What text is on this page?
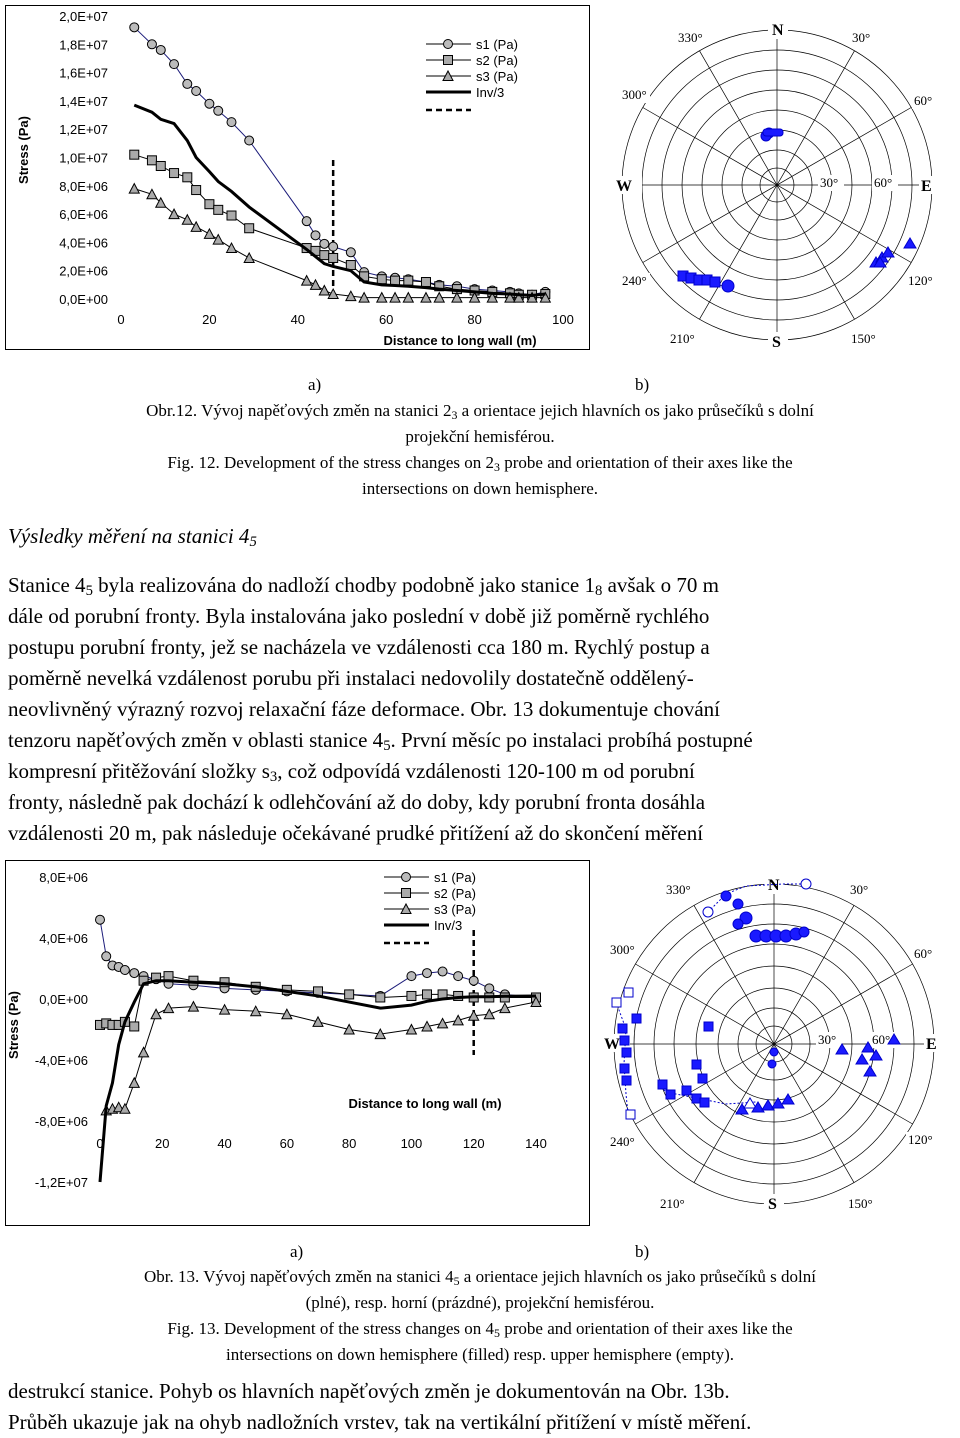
2,0E+07
1,8E+07
1,6E+07
1,4E+07
1,2E+07
1,0E+07
8,0E+06
6,0E+06
4,0E+06
2,0E+06
0,0E+00
0	20	40	60	80	100
Distance to long wall (m)
Stress (Pa)
s1 (Pa)
s2 (Pa)
s3 (Pa)
Inv/3
N
S
W	E
330°	30°
300°	60°
240°	120°
210°	150°
30°	60°
a)	b)
Obr.12. Vývoj napěťových změn na stanici $2_3$ a orientace jejich hlavních os jako průsečíků s dolní
projekční hemisférou.
Fig. 12. Development of the stress changes on $2_3$ probe and orientation of their axes like the
intersections on down hemisphere.
Výsledky měření na stanici $4_5$
Stanice $4_5$ byla realizována do nadloží chodby podobně jako stanice $1_8$ avšak o 70 m
dále od porubní fronty. Byla instalována jako poslední v době již poměrně rychlého
postupu porubní fronty, jež se nacházela ve vzdálenosti cca 180 m. Rychlý postup a
poměrně nevelká vzdálenost porubu při instalaci nedovolily dostatečně oddělený-
neovlivněný výrazný rozvoj relaxační fáze deformace. Obr. 13 dokumentuje chování
tenzoru napěťových změn v oblasti stanice $4_5$. První měsíc po instalaci probíhá postupné
kompresní přitěžování složky $s_3$, což odpovídá vzdálenosti 120-100 m od porubní
fronty, následně pak dochází k odlehčování až do doby, kdy porubní fronta dosáhla
vzdálenosti 20 m, pak následuje očekávané prudké přitížení až do skončení měření
8,0E+06
4,0E+06
0,0E+00
-4,0E+06
-8,0E+06
-1,2E+07
0	20	40	60	80	100	120	140
Distance to long wall (m)
Stress (Pa)
s1 (Pa)
s2 (Pa)
s3 (Pa)
Inv/3
N
S
W	E
330°	30°
300°	60°
240°	120°
210°	150°
30°	60°
a)	b)
Obr. 13. Vývoj napěťových změn na stanici $4_5$ a orientace jejich hlavních os jako průsečíků s dolní
(plné), resp. horní (prázdné), projekční hemisférou.
Fig. 13. Development of the stress changes on $4_5$ probe and orientation of their axes like the
intersections on down hemisphere (filled) resp. upper hemisphere (empty).
destrukcí stanice. Pohyb os hlavních napěťových změn je dokumentován na Obr. 13b.
Průběh ukazuje jak na ohyb nadložních vrstev, tak na vertikální přitížení v místě měření.
